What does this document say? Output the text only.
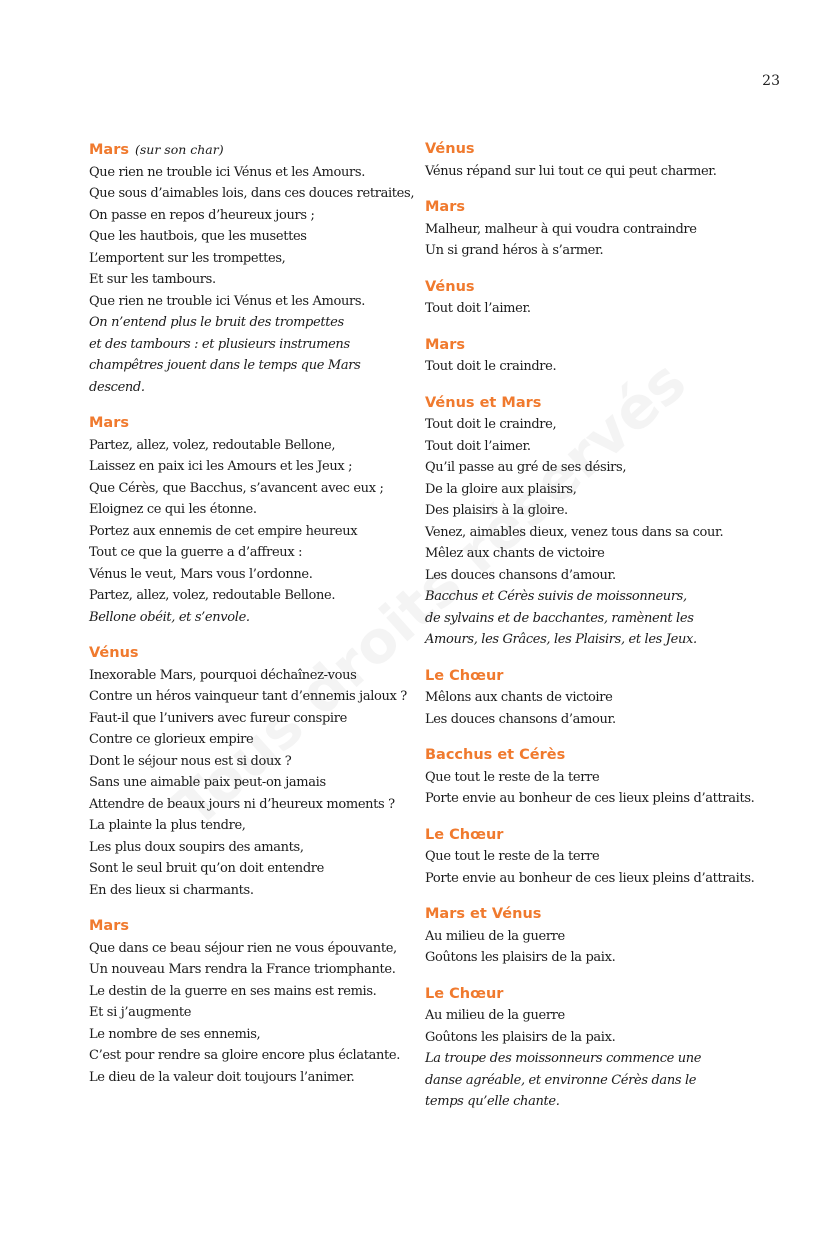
23
Mars (sur son char)
Que rien ne trouble ici Vénus et les Amours.
Que sous d’aimables lois, dans ces douces retraites,
On passe en repos d’heureux jours ;
Que les hautbois, que les musettes
L’emportent sur les trompettes,
Et sur les tambours.
Que rien ne trouble ici Vénus et les Amours.
On n’entend plus le bruit des trompettes
et des tambours : et plusieurs instrumens
champêtres jouent dans le temps que Mars
descend.
Mars
Partez, allez, volez, redoutable Bellone,
Laissez en paix ici les Amours et les Jeux ;
Que Cérès, que Bacchus, s’avancent avec eux ;
Eloignez ce qui les étonne.
Portez aux ennemis de cet empire heureux
Tout ce que la guerre a d’affreux :
Vénus le veut, Mars vous l’ordonne.
Partez, allez, volez, redoutable Bellone.
Bellone obéit, et s’envole.
Vénus
Inexorable Mars, pourquoi déchaînez-vous
Contre un héros vainqueur tant d’ennemis jaloux ?
Faut-il que l’univers avec fureur conspire
Contre ce glorieux empire
Dont le séjour nous est si doux ?
Sans une aimable paix peut-on jamais
Attendre de beaux jours ni d’heureux moments ?
La plainte la plus tendre,
Les plus doux soupirs des amants,
Sont le seul bruit qu’on doit entendre
En des lieux si charmants.
Mars
Que dans ce beau séjour rien ne vous épouvante,
Un nouveau Mars rendra la France triomphante.
Le destin de la guerre en ses mains est remis.
Et si j’augmente
Le nombre de ses ennemis,
C’est pour rendre sa gloire encore plus éclatante.
Le dieu de la valeur doit toujours l’animer.
Vénus
Vénus répand sur lui tout ce qui peut charmer.
Mars
Malheur, malheur à qui voudra contraindre
Un si grand héros à s’armer.
Vénus
Tout doit l’aimer.
Mars
Tout doit le craindre.
Vénus et Mars
Tout doit le craindre,
Tout doit l’aimer.
Qu’il passe au gré de ses désirs,
De la gloire aux plaisirs,
Des plaisirs à la gloire.
Venez, aimables dieux, venez tous dans sa cour.
Mêlez aux chants de victoire
Les douces chansons d’amour.
Bacchus et Cérès suivis de moissonneurs,
de sylvains et de bacchantes, ramènent les
Amours, les Grâces, les Plaisirs, et les Jeux.
Le Chœur
Mêlons aux chants de victoire
Les douces chansons d’amour.
Bacchus et Cérès
Que tout le reste de la terre
Porte envie au bonheur de ces lieux pleins d’attraits.
Le Chœur
Que tout le reste de la terre
Porte envie au bonheur de ces lieux pleins d’attraits.
Mars et Vénus
Au milieu de la guerre
Goûtons les plaisirs de la paix.
Le Chœur
Au milieu de la guerre
Goûtons les plaisirs de la paix.
La troupe des moissonneurs commence une
danse agréable, et environne Cérès dans le
temps qu’elle chante.
